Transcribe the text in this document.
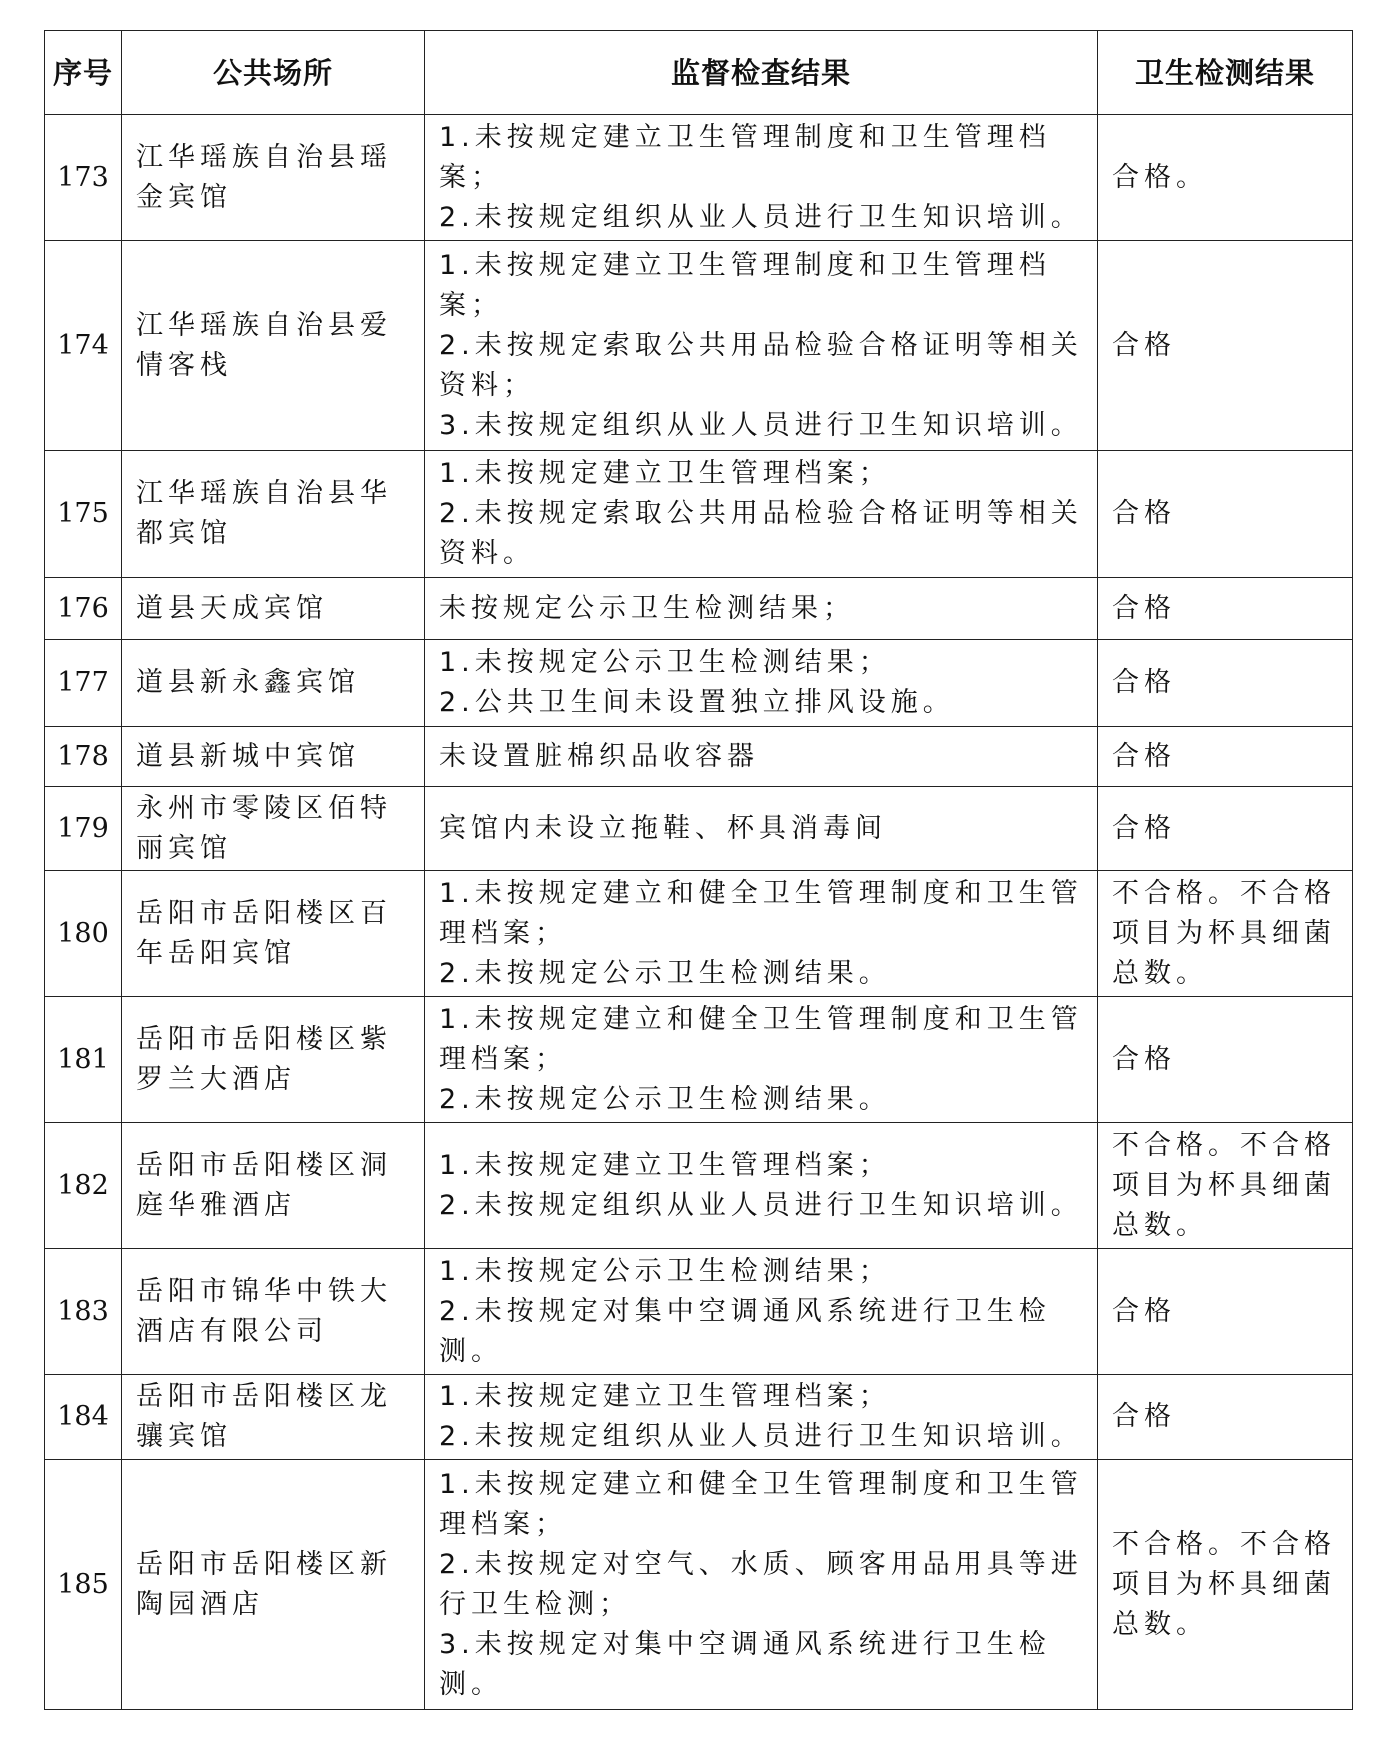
序号	公共场所	监督检查结果	卫生检测结果
173	江华瑶族自治县瑶金宾馆	1.未按规定建立卫生管理制度和卫生管理档案；
2.未按规定组织从业人员进行卫生知识培训。	合格。
174	江华瑶族自治县爱情客栈	1.未按规定建立卫生管理制度和卫生管理档案；
2.未按规定索取公共用品检验合格证明等相关资料；
3.未按规定组织从业人员进行卫生知识培训。	合格
175	江华瑶族自治县华都宾馆	1.未按规定建立卫生管理档案；
2.未按规定索取公共用品检验合格证明等相关资料。	合格
176	道县天成宾馆	未按规定公示卫生检测结果；	合格
177	道县新永鑫宾馆	1.未按规定公示卫生检测结果；
2.公共卫生间未设置独立排风设施。	合格
178	道县新城中宾馆	未设置脏棉织品收容器	合格
179	永州市零陵区佰特丽宾馆	宾馆内未设立拖鞋、杯具消毒间	合格
180	岳阳市岳阳楼区百年岳阳宾馆	1.未按规定建立和健全卫生管理制度和卫生管理档案；
2.未按规定公示卫生检测结果。	不合格。不合格项目为杯具细菌总数。
181	岳阳市岳阳楼区紫罗兰大酒店	1.未按规定建立和健全卫生管理制度和卫生管理档案；
2.未按规定公示卫生检测结果。	合格
182	岳阳市岳阳楼区洞庭华雅酒店	1.未按规定建立卫生管理档案；
2.未按规定组织从业人员进行卫生知识培训。	不合格。不合格项目为杯具细菌总数。
183	岳阳市锦华中铁大酒店有限公司	1.未按规定公示卫生检测结果；
2.未按规定对集中空调通风系统进行卫生检测。	合格
184	岳阳市岳阳楼区龙骧宾馆	1.未按规定建立卫生管理档案；
2.未按规定组织从业人员进行卫生知识培训。	合格
185	岳阳市岳阳楼区新陶园酒店	1.未按规定建立和健全卫生管理制度和卫生管理档案；
2.未按规定对空气、水质、顾客用品用具等进行卫生检测；
3.未按规定对集中空调通风系统进行卫生检测。	不合格。不合格项目为杯具细菌总数。
